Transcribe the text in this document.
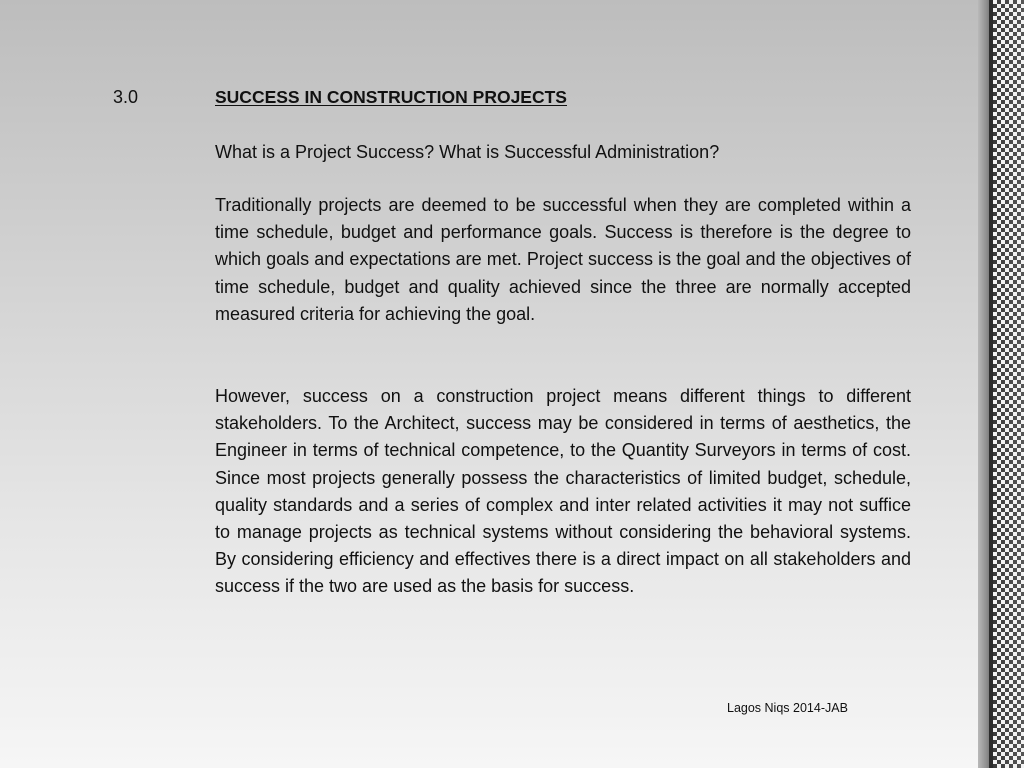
3.0	SUCCESS IN CONSTRUCTION PROJECTS
What is a Project Success? What is Successful Administration?

Traditionally projects are deemed to be successful when they are completed within a time schedule, budget and performance goals. Success is therefore is the degree to which goals and expectations are met. Project success is the goal and the objectives of time schedule, budget and quality achieved since the three are normally accepted measured criteria for achieving the goal.

However, success on a construction project means different things to different stakeholders. To the Architect, success may be considered in terms of aesthetics, the Engineer in terms of technical competence, to the Quantity Surveyors in terms of cost. Since most projects generally possess the characteristics of limited budget, schedule, quality standards and a series of complex and inter related activities it may not suffice to manage projects as technical systems without considering the behavioral systems. By considering efficiency and effectives there is a direct impact on all stakeholders and success if the two are used as the basis for success.

Lagos Niqs 2014-JAB
